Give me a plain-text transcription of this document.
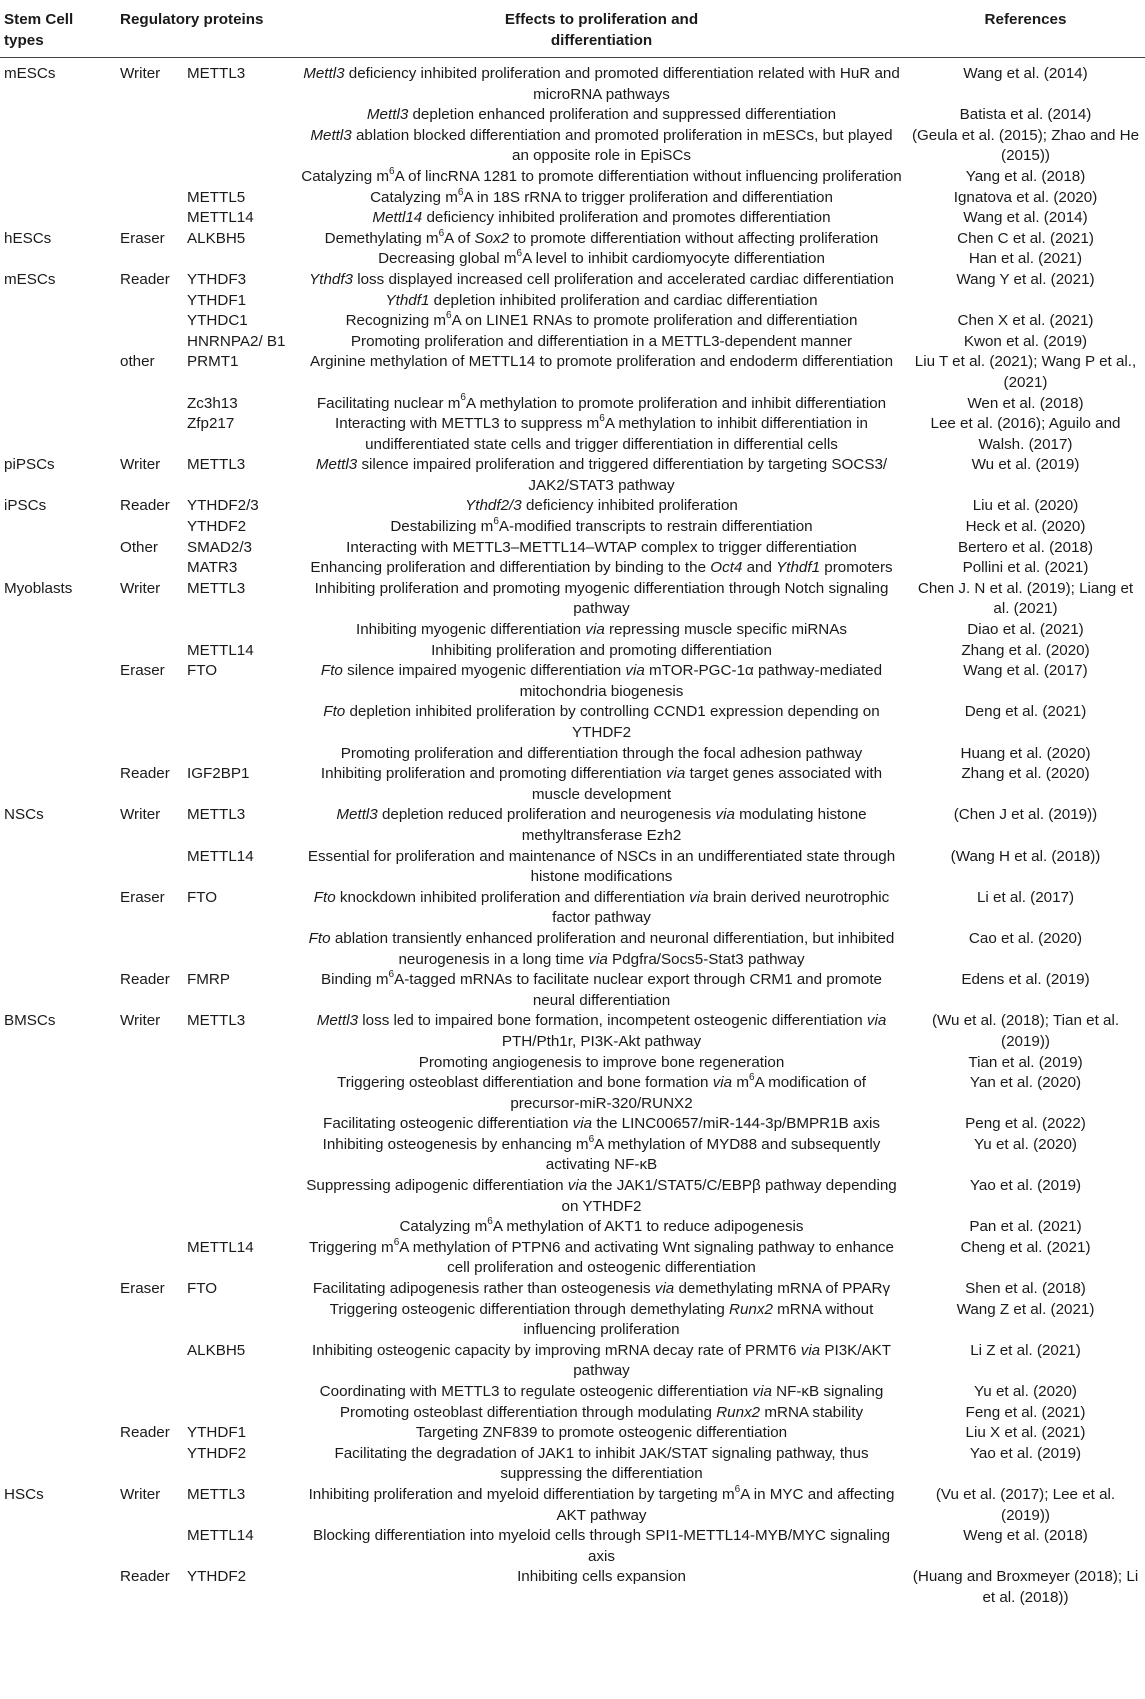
Stem Cell types	Regulatory proteins		Effects to proliferation and differentiation	References
mESCs	Writer	METTL3	Mettl3 deficiency inhibited proliferation and promoted differentiation related with HuR and microRNA pathways	Wang et al. (2014)
			Mettl3 depletion enhanced proliferation and suppressed differentiation	Batista et al. (2014)
			Mettl3 ablation blocked differentiation and promoted proliferation in mESCs, but played an opposite role in EpiSCs	(Geula et al. (2015); Zhao and He (2015))
			Catalyzing $m^6A$ of lincRNA 1281 to promote differentiation without influencing proliferation	Yang et al. (2018)
		METTL5	Catalyzing $m^6A$ in 18S rRNA to trigger proliferation and differentiation	Ignatova et al. (2020)
		METTL14	Mettl14 deficiency inhibited proliferation and promotes differentiation	Wang et al. (2014)
hESCs	Eraser	ALKBH5	Demethylating $m^6A$ of Sox2 to promote differentiation without affecting proliferation	Chen C et al. (2021)
			Decreasing global $m^6A$ level to inhibit cardiomyocyte differentiation	Han et al. (2021)
mESCs	Reader	YTHDF3	Ythdf3 loss displayed increased cell proliferation and accelerated cardiac differentiation	Wang Y et al. (2021)
		YTHDF1	Ythdf1 depletion inhibited proliferation and cardiac differentiation	
		YTHDC1	Recognizing $m^6A$ on LINE1 RNAs to promote proliferation and differentiation	Chen X et al. (2021)
		HNRNPA2/ B1	Promoting proliferation and differentiation in a METTL3-dependent manner	Kwon et al. (2019)
	other	PRMT1	Arginine methylation of METTL14 to promote proliferation and endoderm differentiation	Liu T et al. (2021); Wang P et al., (2021)
		Zc3h13	Facilitating nuclear $m^6A$ methylation to promote proliferation and inhibit differentiation	Wen et al. (2018)
		Zfp217	Interacting with METTL3 to suppress $m^6A$ methylation to inhibit differentiation in undifferentiated state cells and trigger differentiation in differential cells	Lee et al. (2016); Aguilo and Walsh. (2017)
piPSCs	Writer	METTL3	Mettl3 silence impaired proliferation and triggered differentiation by targeting SOCS3/ JAK2/STAT3 pathway	Wu et al. (2019)
iPSCs	Reader	YTHDF2/3	Ythdf2/3 deficiency inhibited proliferation	Liu et al. (2020)
		YTHDF2	Destabilizing $m^6A$-modified transcripts to restrain differentiation	Heck et al. (2020)
	Other	SMAD2/3	Interacting with METTL3–METTL14–WTAP complex to trigger differentiation	Bertero et al. (2018)
		MATR3	Enhancing proliferation and differentiation by binding to the Oct4 and Ythdf1 promoters	Pollini et al. (2021)
Myoblasts	Writer	METTL3	Inhibiting proliferation and promoting myogenic differentiation through Notch signaling pathway	Chen J. N et al. (2019); Liang et al. (2021)
			Inhibiting myogenic differentiation via repressing muscle specific miRNAs	Diao et al. (2021)
		METTL14	Inhibiting proliferation and promoting differentiation	Zhang et al. (2020)
	Eraser	FTO	Fto silence impaired myogenic differentiation via mTOR-PGC-1α pathway-mediated mitochondria biogenesis	Wang et al. (2017)
			Fto depletion inhibited proliferation by controlling CCND1 expression depending on YTHDF2	Deng et al. (2021)
			Promoting proliferation and differentiation through the focal adhesion pathway	Huang et al. (2020)
	Reader	IGF2BP1	Inhibiting proliferation and promoting differentiation via target genes associated with muscle development	Zhang et al. (2020)
NSCs	Writer	METTL3	Mettl3 depletion reduced proliferation and neurogenesis via modulating histone methyltransferase Ezh2	(Chen J et al. (2019))
		METTL14	Essential for proliferation and maintenance of NSCs in an undifferentiated state through histone modifications	(Wang H et al. (2018))
	Eraser	FTO	Fto knockdown inhibited proliferation and differentiation via brain derived neurotrophic factor pathway	Li et al. (2017)
			Fto ablation transiently enhanced proliferation and neuronal differentiation, but inhibited neurogenesis in a long time via Pdgfra/Socs5-Stat3 pathway	Cao et al. (2020)
	Reader	FMRP	Binding $m^6A$-tagged mRNAs to facilitate nuclear export through CRM1 and promote neural differentiation	Edens et al. (2019)
BMSCs	Writer	METTL3	Mettl3 loss led to impaired bone formation, incompetent osteogenic differentiation via PTH/Pth1r, PI3K-Akt pathway	(Wu et al. (2018); Tian et al. (2019))
			Promoting angiogenesis to improve bone regeneration	Tian et al. (2019)
			Triggering osteoblast differentiation and bone formation via $m^6A$ modification of precursor-miR-320/RUNX2	Yan et al. (2020)
			Facilitating osteogenic differentiation via the LINC00657/miR-144-3p/BMPR1B axis	Peng et al. (2022)
			Inhibiting osteogenesis by enhancing $m^6A$ methylation of MYD88 and subsequently activating NF-κB	Yu et al. (2020)
			Suppressing adipogenic differentiation via the JAK1/STAT5/C/EBPβ pathway depending on YTHDF2	Yao et al. (2019)
			Catalyzing $m^6A$ methylation of AKT1 to reduce adipogenesis	Pan et al. (2021)
		METTL14	Triggering $m^6A$ methylation of PTPN6 and activating Wnt signaling pathway to enhance cell proliferation and osteogenic differentiation	Cheng et al. (2021)
	Eraser	FTO	Facilitating adipogenesis rather than osteogenesis via demethylating mRNA of PPARγ	Shen et al. (2018)
			Triggering osteogenic differentiation through demethylating Runx2 mRNA without influencing proliferation	Wang Z et al. (2021)
		ALKBH5	Inhibiting osteogenic capacity by improving mRNA decay rate of PRMT6 via PI3K/AKT pathway	Li Z et al. (2021)
			Coordinating with METTL3 to regulate osteogenic differentiation via NF-κB signaling	Yu et al. (2020)
			Promoting osteoblast differentiation through modulating Runx2 mRNA stability	Feng et al. (2021)
	Reader	YTHDF1	Targeting ZNF839 to promote osteogenic differentiation	Liu X et al. (2021)
		YTHDF2	Facilitating the degradation of JAK1 to inhibit JAK/STAT signaling pathway, thus suppressing the differentiation	Yao et al. (2019)
HSCs	Writer	METTL3	Inhibiting proliferation and myeloid differentiation by targeting $m^6A$ in MYC and affecting AKT pathway	(Vu et al. (2017); Lee et al. (2019))
		METTL14	Blocking differentiation into myeloid cells through SPI1-METTL14-MYB/MYC signaling axis	Weng et al. (2018)
	Reader	YTHDF2	Inhibiting cells expansion	(Huang and Broxmeyer (2018); Li et al. (2018))
